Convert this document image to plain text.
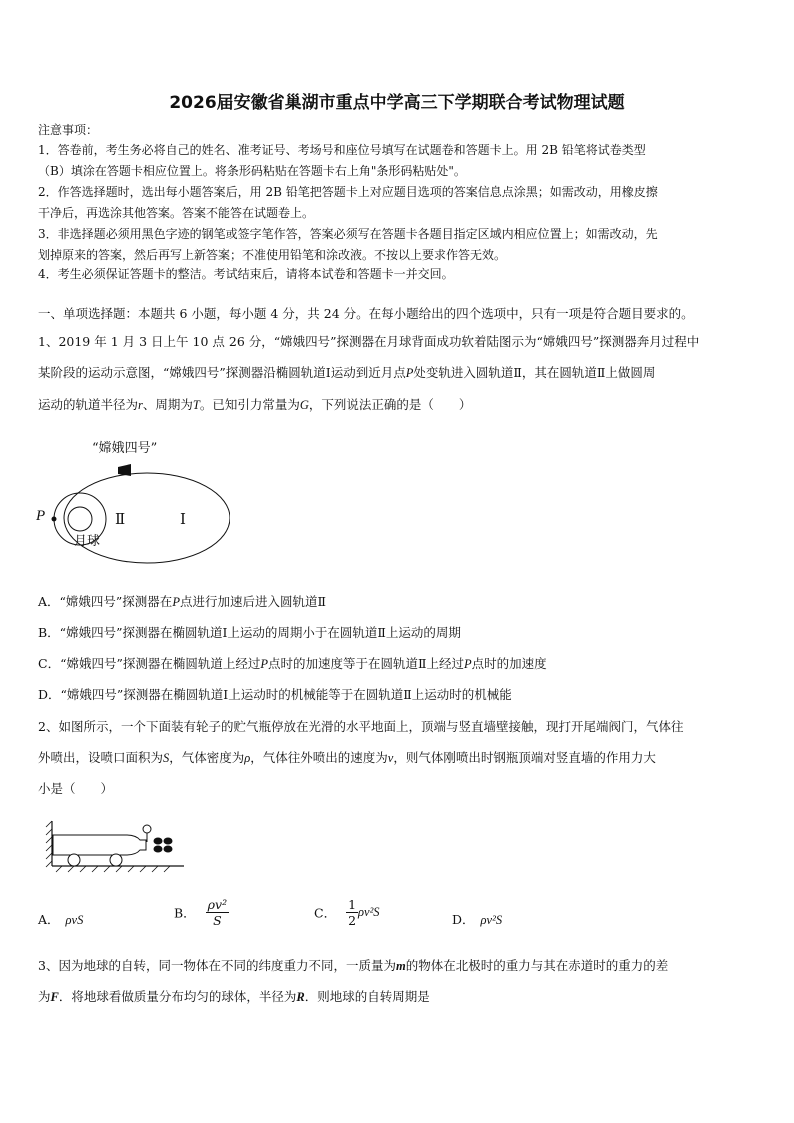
2026届安徽省巢湖市重点中学高三下学期联合考试物理试题
注意事项：
1．答卷前，考生务必将自己的姓名、准考证号、考场号和座位号填写在试题卷和答题卡上。用 2B 铅笔将试卷类型
（B）填涂在答题卡相应位置上。将条形码粘贴在答题卡右上角"条形码粘贴处"。
2．作答选择题时，选出每小题答案后，用 2B 铅笔把答题卡上对应题目选项的答案信息点涂黑；如需改动，用橡皮擦
干净后，再选涂其他答案。答案不能答在试题卷上。
3．非选择题必须用黑色字迹的钢笔或签字笔作答，答案必须写在答题卡各题目指定区域内相应位置上；如需改动，先
划掉原来的答案，然后再写上新答案；不准使用铅笔和涂改液。不按以上要求作答无效。
4．考生必须保证答题卡的整洁。考试结束后，请将本试卷和答题卡一并交回。
一、单项选择题：本题共 6 小题，每小题 4 分，共 24 分。在每小题给出的四个选项中，只有一项是符合题目要求的。
1、2019 年 1 月 3 日上午 10 点 26 分，“嫦娥四号”探测器在月球背面成功软着陆图示为“嫦娥四号”探测器奔月过程中
某阶段的运动示意图，“嫦娥四号”探测器沿椭圆轨道Ⅰ运动到近月点P处变轨进入圆轨道Ⅱ，其在圆轨道Ⅱ上做圆周
运动的轨道半径为r、周期为T。已知引力常量为G，下列说法正确的是（　　）
“嫦娥四号”
P	Ⅱ	Ⅰ
月球
A．“嫦娥四号”探测器在P点进行加速后进入圆轨道Ⅱ
B．“嫦娥四号”探测器在椭圆轨道Ⅰ上运动的周期小于在圆轨道Ⅱ上运动的周期
C．“嫦娥四号”探测器在椭圆轨道上经过P点时的加速度等于在圆轨道Ⅱ上经过P点时的加速度
D．“嫦娥四号”探测器在椭圆轨道Ⅰ上运动时的机械能等于在圆轨道Ⅱ上运动时的机械能
2、如图所示，一个下面装有轮子的贮气瓶停放在光滑的水平地面上，顶端与竖直墙壁接触，现打开尾端阀门，气体往
外喷出，设喷口面积为S，气体密度为ρ，气体往外喷出的速度为v，则气体刚喷出时钢瓶顶端对竖直墙的作用力大
小是（　　）
A． ρvS	B． $\frac{\text{ρv²}}{S}$	C． $\frac{1}{2} \rho v^2S$	D． ρv²S
3、因为地球的自转，同一物体在不同的纬度重力不同，一质量为m的物体在北极时的重力与其在赤道时的重力的差
为F．将地球看做质量分布均匀的球体，半径为R．则地球的自转周期是
